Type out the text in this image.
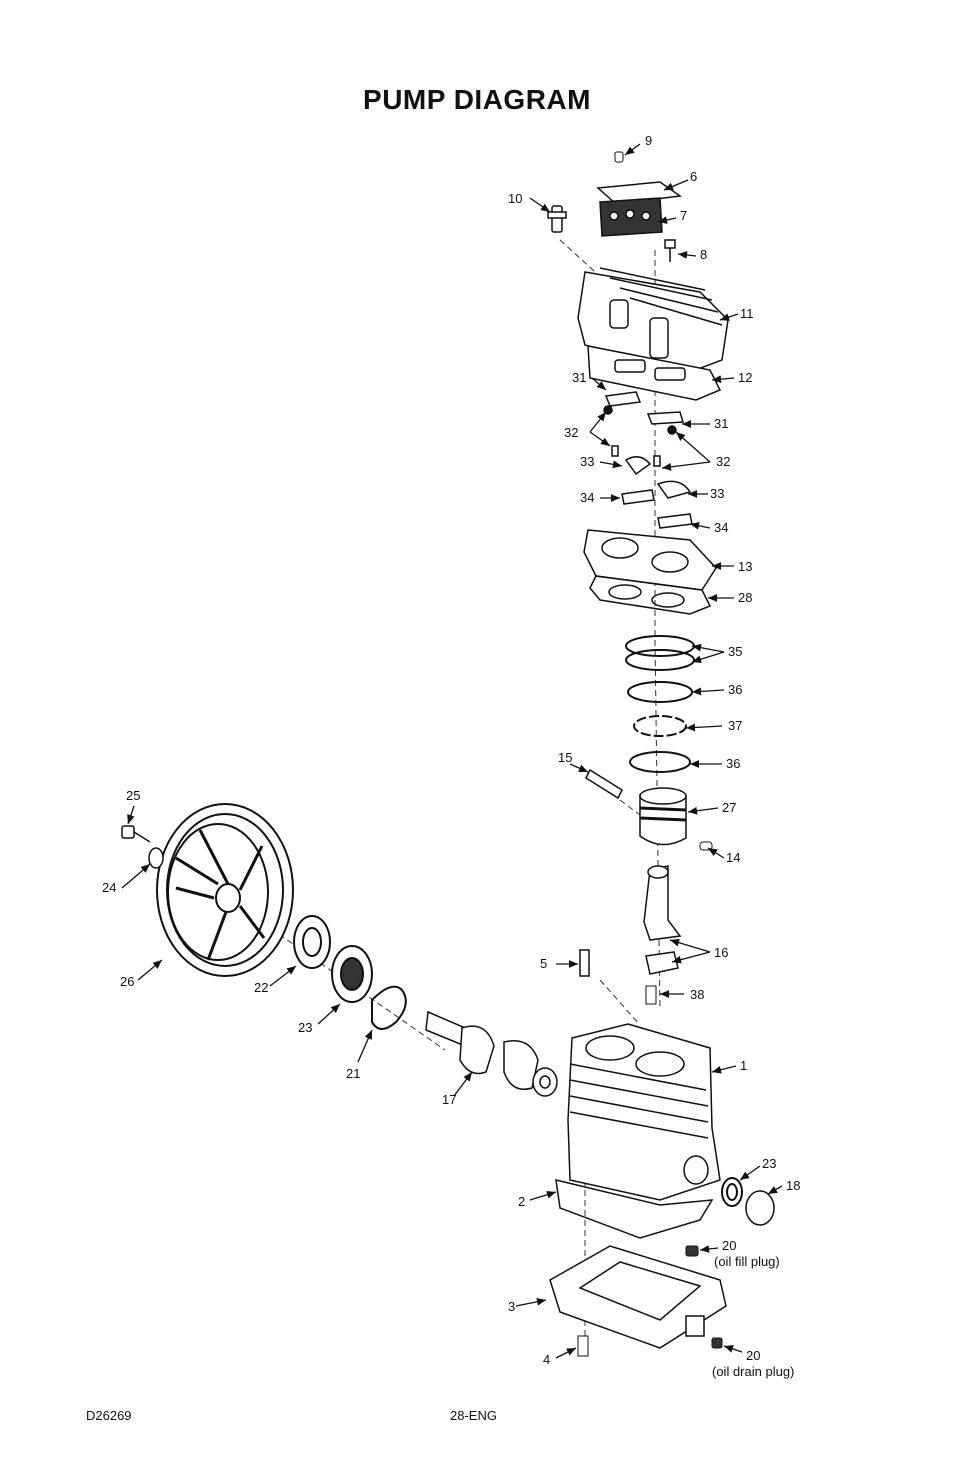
PUMP DIAGRAM
9
6
7
8
10
11
12
31
31
32
32
33
33
34
34
13
28
35
36
37
36
15
27
14
16
38
5
1
23
18
2
20
(oil fill plug)
3
4	20
(oil drain plug)
17
21
23
22
26
24
25
D26269	28-ENG
